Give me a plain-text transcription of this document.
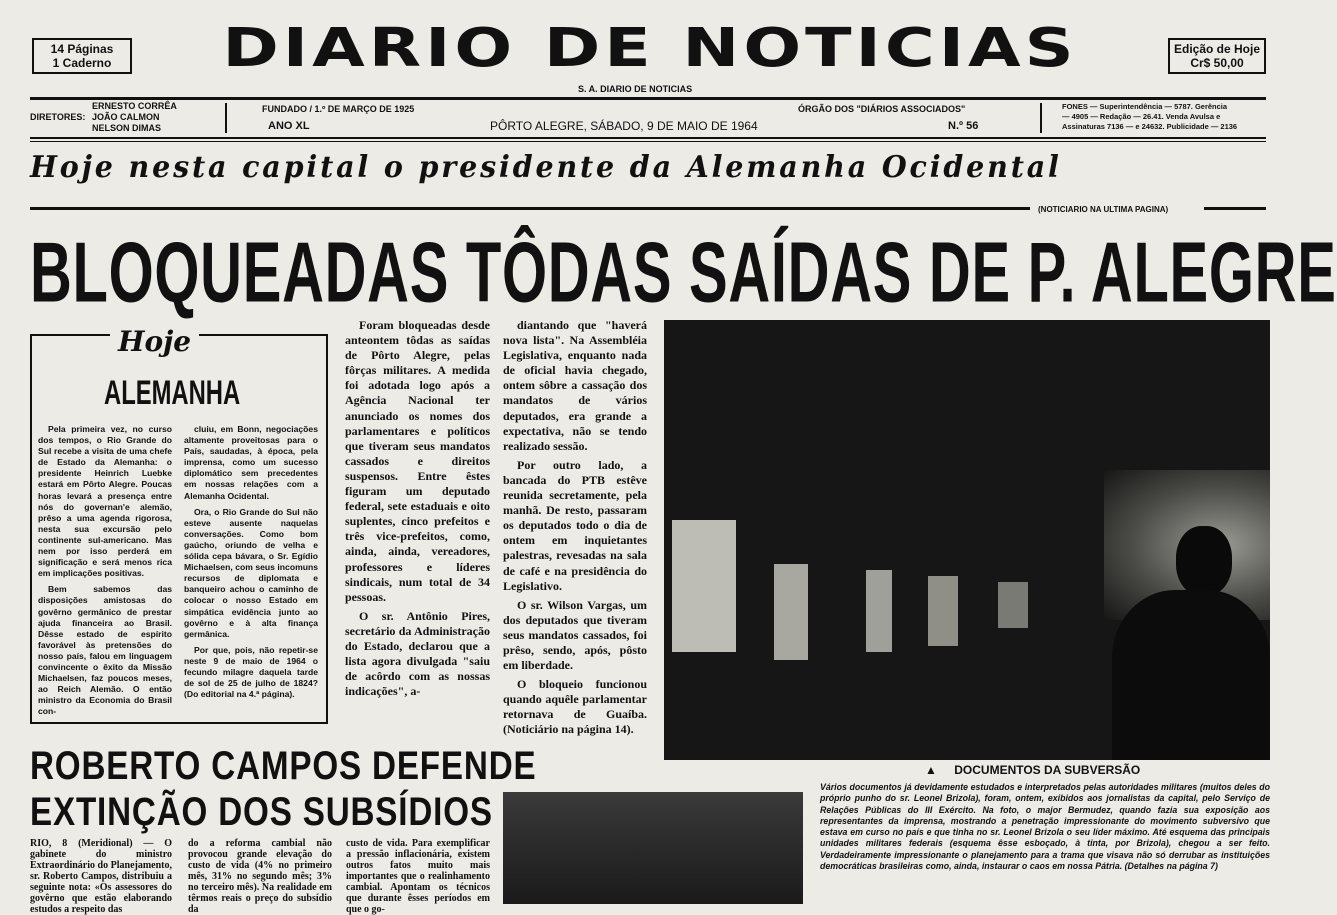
14 Páginas
1 Caderno	DIARIO DE NOTICIAS
S. A. DIARIO DE NOTICIAS
Edição de Hoje
Cr$ 50,00
DIRETORES:
ERNESTO CORRÊA
JOÃO CALMON
NELSON DIMAS
FUNDADO / 1.º DE MARÇO DE 1925
ANO XL	PÔRTO ALEGRE, SÁBADO, 9 DE MAIO DE 1964
ÓRGÃO DOS "DIÁRIOS ASSOCIADOS"
N.º 56
FONES — Superintendência — 5787. Gerência
— 4905 — Redação — 26.41. Venda Avulsa e
Assinaturas 7136 — e 24632. Publicidade — 2136
Hoje nesta capital o presidente da Alemanha Ocidental
(NOTICIARIO NA ULTIMA PAGINA)
BLOQUEADAS TÔDAS SAÍDAS DE P. ALEGRE
Hoje
ALEMANHA

Pela primeira vez, no curso dos tempos, o Rio Grande do Sul recebe a visita de uma chefe de Estado da Alemanha: o presidente Heinrich Luebke estará em Pôrto Alegre. Poucas horas levará a presença entre nós do governan'e alemão, prêso a uma agenda rigorosa, nesta sua excursão pelo continente sul-americano. Mas nem por isso perderá em significação e será menos rica em implicações positivas.

Bem sabemos das disposições amistosas do govêrno germânico de prestar ajuda financeira ao Brasil. Dêsse estado de espírito favorável às pretensões do nosso país, falou em linguagem convincente o êxito da Missão Michaelsen, faz poucos meses, ao Reich Alemão. O então ministro da Economia do Brasil con-

cluiu, em Bonn, negociações altamente proveitosas para o País, saudadas, à época, pela imprensa, como um sucesso diplomático sem precedentes em nossas relações com a Alemanha Ocidental.

Ora, o Rio Grande do Sul não esteve ausente naquelas conversações. Como bom gaúcho, oriundo de velha e sólida cepa bávara, o Sr. Egídio Michaelsen, com seus incomuns recursos de diplomata e banqueiro achou o caminho de colocar o nosso Estado em simpática evidência junto ao govêrno e à alta finança germânica.

Por que, pois, não repetir-se neste 9 de maio de 1964 o fecundo milagre daquela tarde de sol de 25 de julho de 1824? (Do editorial na 4.ª página).

Foram bloqueadas desde anteontem tôdas as saídas de Pôrto Alegre, pelas fôrças militares. A medida foi adotada logo após a Agência Nacional ter anunciado os nomes dos parlamentares e políticos que tiveram seus mandatos cassados e direitos suspensos. Entre êstes figuram um deputado federal, sete estaduais e oito suplentes, cinco prefeitos e três vice-prefeitos, como, ainda, ainda, vereadores, professores e líderes sindicais, num total de 34 pessoas.

O sr. Antônio Pires, secretário da Administração do Estado, declarou que a lista agora divulgada "saiu de acôrdo com as nossas indicações", a-

diantando que "haverá nova lista". Na Assembléia Legislativa, enquanto nada de oficial havia chegado, ontem sôbre a cassação dos mandatos de vários deputados, era grande a expectativa, não se tendo realizado sessão.

Por outro lado, a bancada do PTB estêve reunida secretamente, pela manhã. De resto, passaram os deputados todo o dia de ontem em inquietantes palestras, revesadas na sala de café e na presidência do Legislativo.

O sr. Wilson Vargas, um dos deputados que tiveram seus mandatos cassados, foi prêso, sendo, após, pôsto em liberdade.

O bloqueio funcionou quando aquêle parlamentar retornava de Guaíba. (Noticiário na página 14).

ROBERTO CAMPOS DEFENDE
EXTINÇÃO DOS SUBSÍDIOS
RIO, 8 (Meridional) — O gabinete do ministro Extraordinário do Planejamento, sr. Roberto Campos, distribuiu a seguinte nota: «Os assessores do govêrno que estão elaborando estudos a respeito das
do a reforma cambial não provocou grande elevação do custo de vida (4% no primeiro mês, 31% no segundo mês; 3% no terceiro mês). Na realidade em têrmos reais o preço do subsídio da
custo de vida. Para exemplificar a pressão inflacionária, existem outros fatos muito mais importantes que o realinhamento cambial. Apontam os técnicos que durante êsses períodos em que o go-
▲ DOCUMENTOS DA SUBVERSÃO
Vários documentos já devidamente estudados e interpretados pelas autoridades militares (muitos deles do próprio punho do sr. Leonel Brizola), foram, ontem, exibidos aos jornalistas da capital, pelo Serviço de Relações Públicas do III Exército. Na foto, o major Bermudez, quando fazia sua exposição aos representantes da imprensa, mostrando a penetração impressionante do movimento subversivo que estava em curso no país e que tinha no sr. Leonel Brizola o seu líder máximo. Até esquema das principais unidades militares federais (esquema êsse esboçado, à tinta, por Brizola), chegou a ser feito. Verdadeiramente impressionante o planejamento para a trama que visava não só derrubar as instituições democráticas brasileiras como, ainda, instaurar o caos em nossa Pátria. (Detalhes na página 7)
